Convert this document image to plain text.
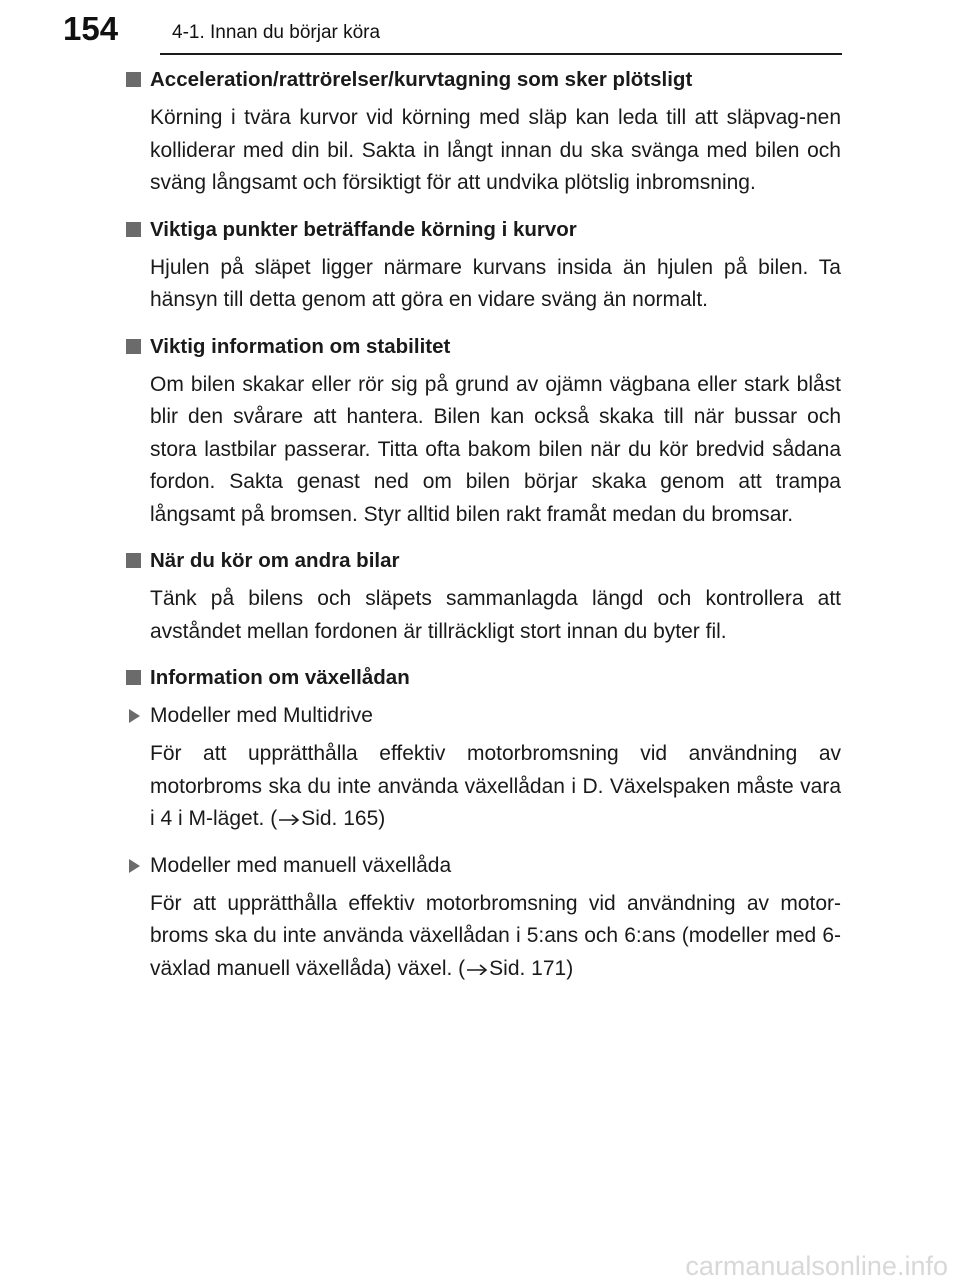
154	4-1. Innan du börjar köra
Acceleration/rattrörelser/kurvtagning som sker plötsligt

Körning i tvära kurvor vid körning med släp kan leda till att släpvag-nen kolliderar med din bil. Sakta in långt innan du ska svänga med bilen och sväng långsamt och försiktigt för att undvika plötslig inbromsning.

Viktiga punkter beträffande körning i kurvor

Hjulen på släpet ligger närmare kurvans insida än hjulen på bilen. Ta hänsyn till detta genom att göra en vidare sväng än normalt.

Viktig information om stabilitet

Om bilen skakar eller rör sig på grund av ojämn vägbana eller stark blåst blir den svårare att hantera. Bilen kan också skaka till när bussar och stora lastbilar passerar. Titta ofta bakom bilen när du kör bredvid sådana fordon. Sakta genast ned om bilen börjar skaka genom att trampa långsamt på bromsen. Styr alltid bilen rakt framåt medan du bromsar.

När du kör om andra bilar

Tänk på bilens och släpets sammanlagda längd och kontrollera att avståndet mellan fordonen är tillräckligt stort innan du byter fil.

Information om växellådan
Modeller med Multidrive

För att upprätthålla effektiv motorbromsning vid användning av motorbroms ska du inte använda växellådan i D. Växelspaken måste vara i 4 i M-läget. ( Sid. 165)

Modeller med manuell växellåda

För att upprätthålla effektiv motorbromsning vid användning av motor-broms ska du inte använda växellådan i 5:ans och 6:ans (modeller med 6-växlad manuell växellåda) växel. ( Sid. 171)

carmanualsonline.info
